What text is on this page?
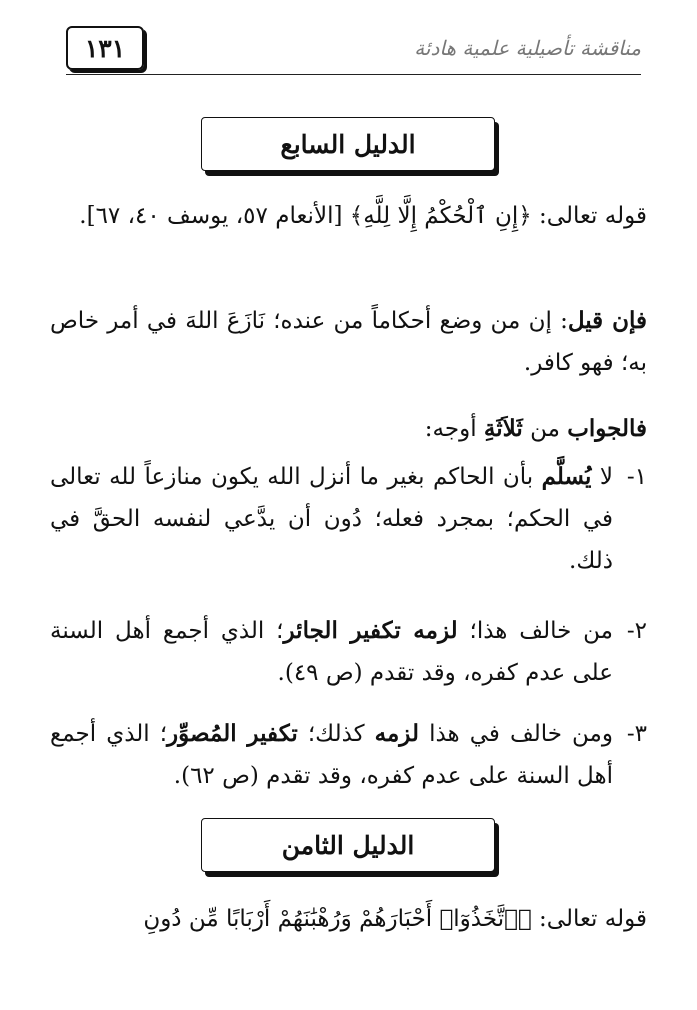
١٣١	مناقشة تأصيلية علمية هادئة
الدليل السابع

قوله تعالى: ﴿إِنِ ٱلْحُكْمُ إِلَّا لِلَّهِ﴾ [الأنعام ٥٧، يوسف ٤٠، ٦٧].

فإن قيل: إن من وضع أحكاماً من عنده؛ نَازَعَ اللهَ في أمر خاص به؛ فهو كافر.

فالجواب من ثَلاَثَةِ أوجه:

١-
لا يُسلَّم بأن الحاكم بغير ما أنزل الله يكون منازعاً لله تعالى في الحكم؛ بمجرد فعله؛ دُون أن يدَّعي لنفسه الحقَّ في ذلك.
٢-
من خالف هذا؛ لزمه تكفير الجائر؛ الذي أجمع أهل السنة على عدم كفره، وقد تقدم (ص ٤٩).
٣-
ومن خالف في هذا لزمه كذلك؛ تكفير المُصوِّر؛ الذي أجمع أهل السنة على عدم كفره، وقد تقدم (ص ٦٢).
الدليل الثامن

قوله تعالى: ﴿ٱتَّخَذُوٓا۟ أَحْبَارَهُمْ وَرُهْبَٰنَهُمْ أَرْبَابًا مِّن دُونِ
